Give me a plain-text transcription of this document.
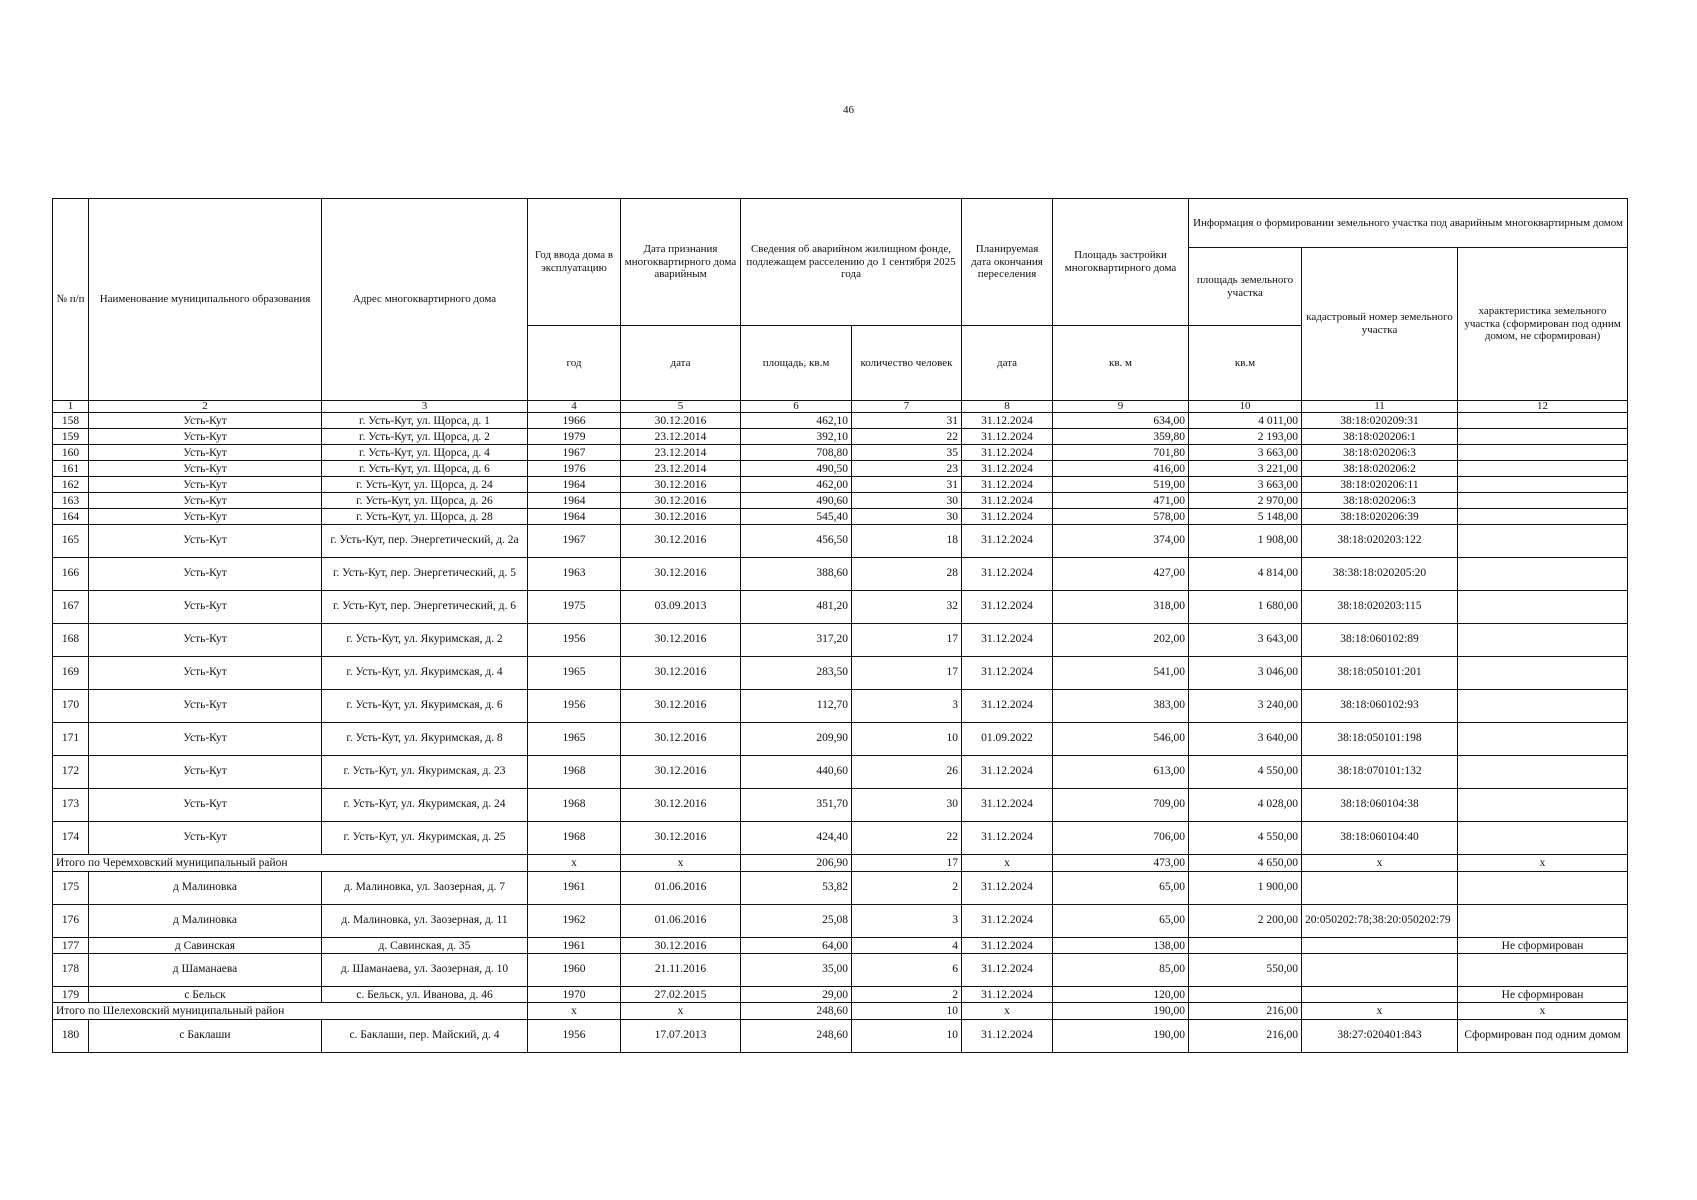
46
№ п/п	Наименование муниципального образования	Адрес многоквартирного дома	Год ввода дома в эксплуатацию	Дата признания многоквартирного дома аварийным	Сведения об аварийном жилищном фонде, подлежащем расселению до 1 сентября 2025 года		Планируемая дата окончания переселения	Площадь застройки многоквартирного дома	Информация о формировании земельного участка под аварийным многоквартирным домом		
									площадь земельного участка	кадастровый номер земельного участка	характеристика земельного участка (сформирован под одним домом, не сформирован)
			год	дата	площадь, кв.м	количество человек	дата	кв. м	кв.м		
1	2	3	4	5	6	7	8	9	10	11	12
158	Усть-Кут	г. Усть-Кут, ул. Щорса, д. 1	1966	30.12.2016	462,10	31	31.12.2024	634,00	4 011,00	38:18:020209:31	
159	Усть-Кут	г. Усть-Кут, ул. Щорса, д. 2	1979	23.12.2014	392,10	22	31.12.2024	359,80	2 193,00	38:18:020206:1	
160	Усть-Кут	г. Усть-Кут, ул. Щорса, д. 4	1967	23.12.2014	708,80	35	31.12.2024	701,80	3 663,00	38:18:020206:3	
161	Усть-Кут	г. Усть-Кут, ул. Щорса, д. 6	1976	23.12.2014	490,50	23	31.12.2024	416,00	3 221,00	38:18:020206:2	
162	Усть-Кут	г. Усть-Кут, ул. Щорса, д. 24	1964	30.12.2016	462,00	31	31.12.2024	519,00	3 663,00	38:18:020206:11	
163	Усть-Кут	г. Усть-Кут, ул. Щорса, д. 26	1964	30.12.2016	490,60	30	31.12.2024	471,00	2 970,00	38:18:020206:3	
164	Усть-Кут	г. Усть-Кут, ул. Щорса, д. 28	1964	30.12.2016	545,40	30	31.12.2024	578,00	5 148,00	38:18:020206:39	
165	Усть-Кут	г. Усть-Кут, пер. Энергетический, д. 2а	1967	30.12.2016	456,50	18	31.12.2024	374,00	1 908,00	38:18:020203:122	
166	Усть-Кут	г. Усть-Кут, пер. Энергетический, д. 5	1963	30.12.2016	388,60	28	31.12.2024	427,00	4 814,00	38:38:18:020205:20	
167	Усть-Кут	г. Усть-Кут, пер. Энергетический, д. 6	1975	03.09.2013	481,20	32	31.12.2024	318,00	1 680,00	38:18:020203:115	
168	Усть-Кут	г. Усть-Кут, ул. Якуримская, д. 2	1956	30.12.2016	317,20	17	31.12.2024	202,00	3 643,00	38:18:060102:89	
169	Усть-Кут	г. Усть-Кут, ул. Якуримская, д. 4	1965	30.12.2016	283,50	17	31.12.2024	541,00	3 046,00	38:18:050101:201	
170	Усть-Кут	г. Усть-Кут, ул. Якуримская, д. 6	1956	30.12.2016	112,70	3	31.12.2024	383,00	3 240,00	38:18:060102:93	
171	Усть-Кут	г. Усть-Кут, ул. Якуримская, д. 8	1965	30.12.2016	209,90	10	01.09.2022	546,00	3 640,00	38:18:050101:198	
172	Усть-Кут	г. Усть-Кут, ул. Якуримская, д. 23	1968	30.12.2016	440,60	26	31.12.2024	613,00	4 550,00	38:18:070101:132	
173	Усть-Кут	г. Усть-Кут, ул. Якуримская, д. 24	1968	30.12.2016	351,70	30	31.12.2024	709,00	4 028,00	38:18:060104:38	
174	Усть-Кут	г. Усть-Кут, ул. Якуримская, д. 25	1968	30.12.2016	424,40	22	31.12.2024	706,00	4 550,00	38:18:060104:40	
Итого по Черемховский муниципальный район			x	x	206,90	17	x	473,00	4 650,00	x	x
175	д Малиновка	д. Малиновка, ул. Заозерная, д. 7	1961	01.06.2016	53,82	2	31.12.2024	65,00	1 900,00		
176	д Малиновка	д. Малиновка, ул. Заозерная, д. 11	1962	01.06.2016	25,08	3	31.12.2024	65,00	2 200,00	20:050202:78;38:20:050202:79	
177	д Савинская	д. Савинская, д. 35	1961	30.12.2016	64,00	4	31.12.2024	138,00			Не сформирован
178	д Шаманаева	д. Шаманаева, ул. Заозерная, д. 10	1960	21.11.2016	35,00	6	31.12.2024	85,00	550,00		
179	с Бельск	с. Бельск, ул. Иванова, д. 46	1970	27.02.2015	29,00	2	31.12.2024	120,00			Не сформирован
Итого по Шелеховский муниципальный район			x	x	248,60	10	x	190,00	216,00	x	x
180	с Баклаши	с. Баклаши, пер. Майский, д. 4	1956	17.07.2013	248,60	10	31.12.2024	190,00	216,00	38:27:020401:843	Сформирован под одним домом
